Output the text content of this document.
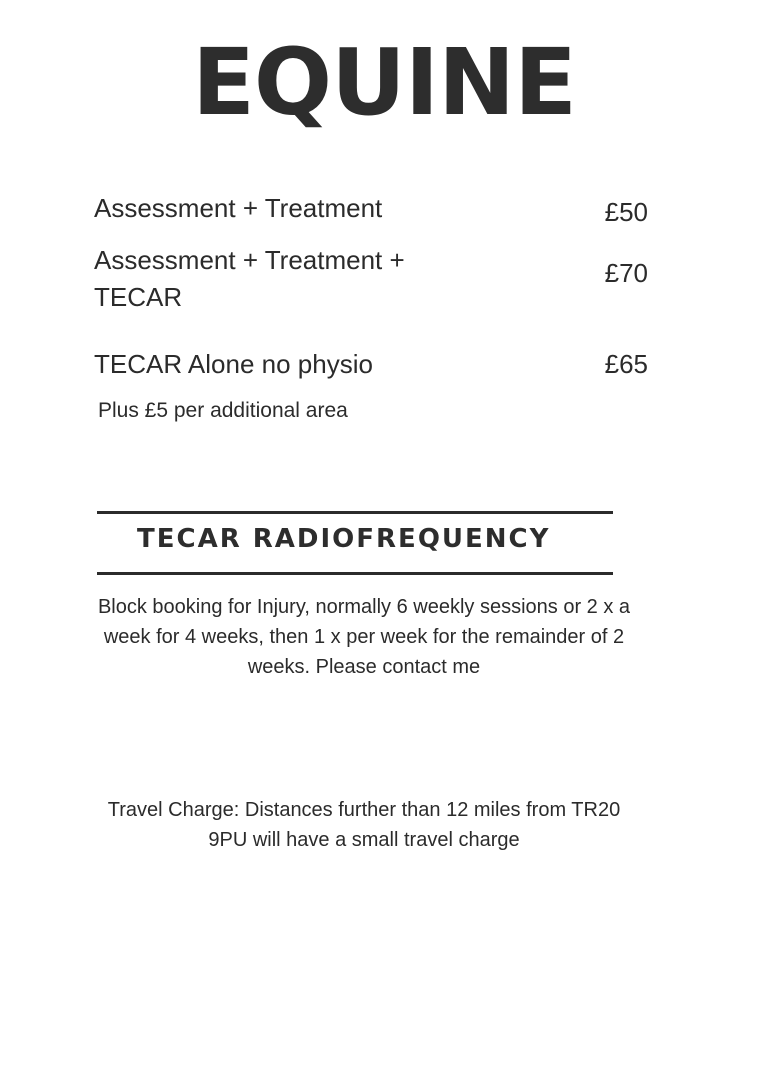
EQUINE
Assessment + Treatment	£50
Assessment + Treatment + TECAR
£70
TECAR Alone no physio	£65
Plus £5 per additional area
TECAR RADIOFREQUENCY
Block booking for Injury, normally 6 weekly sessions or 2 x a week for 4 weeks, then 1 x per week for the remainder of 2 weeks. Please contact me
Travel Charge: Distances further than 12 miles from TR20 9PU will have a small travel charge
